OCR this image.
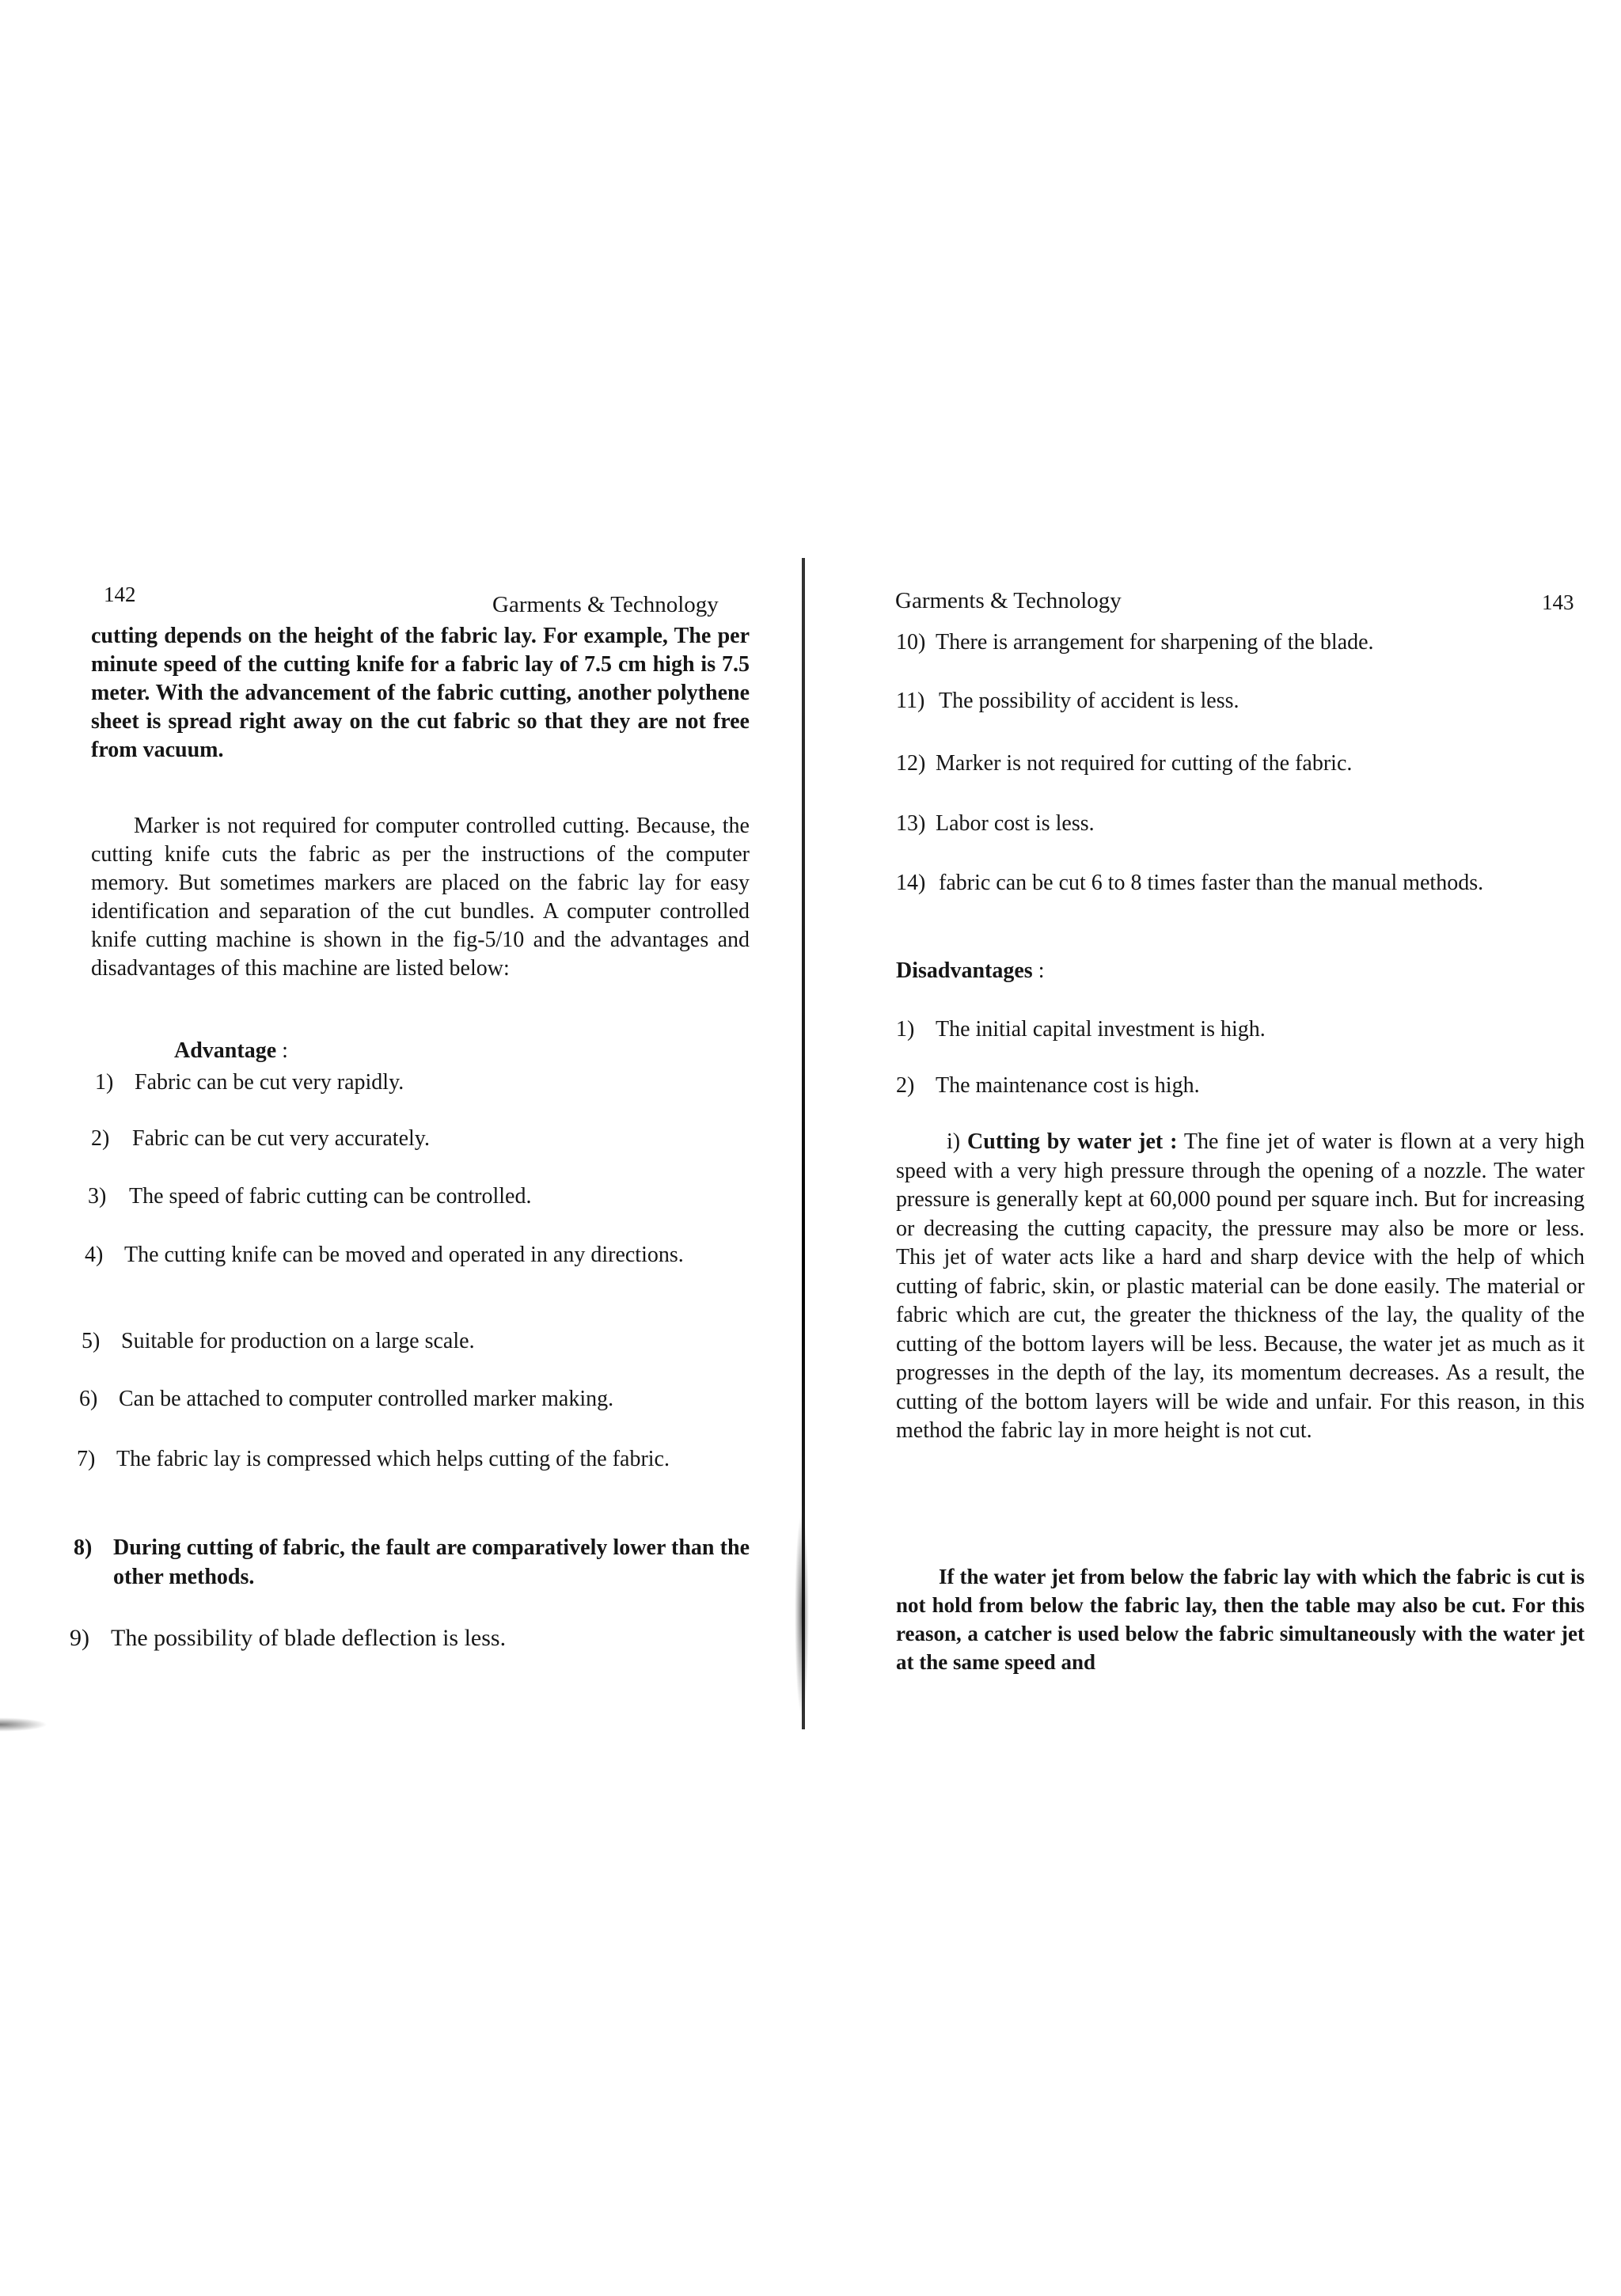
142	Garments & Technology
cutting depends on the height of the fabric lay. For example, The per minute speed of the cutting knife for a fabric lay of 7.5 cm high is 7.5 meter. With the advancement of the fabric cutting, another polythene sheet is spread right away on the cut fabric so that they are not free from vacuum.
Marker is not required for computer controlled cutting. Because, the cutting knife cuts the fabric as per the instructions of the computer memory. But sometimes markers are placed on the fabric lay for easy identification and separation of the cut bundles. A computer controlled knife cutting machine is shown in the fig-5/10 and the advantages and disadvantages of this machine are listed below:
Advantage :
1) Fabric can be cut very rapidly.
2)	Fabric can be cut very accurately.
3)	The speed of fabric cutting can be controlled.
4) The cutting knife can be moved and operated in any directions.
5) Suitable for production on a large scale.
6) Can be attached to computer controlled marker making.
7) The fabric lay is compressed which helps cutting of the fabric.
8) During cutting of fabric, the fault are comparatively lower than the other methods.
9) The possibility of blade deflection is less.
Garments & Technology	143
10) There is arrangement for sharpening of the blade.
11) The possibility of accident is less.
12) Marker is not required for cutting of the fabric.
13) Labor cost is less.
14) fabric can be cut 6 to 8 times faster than the manual methods.
Disadvantages :
1) The initial capital investment is high.
2) The maintenance cost is high.
i) Cutting by water jet : The fine jet of water is flown at a very high speed with a very high pressure through the opening of a nozzle. The water pressure is generally kept at 60,000 pound per square inch. But for increasing or decreasing the cutting capacity, the pressure may also be more or less. This jet of water acts like a hard and sharp device with the help of which cutting of fabric, skin, or plastic material can be done easily. The material or fabric which are cut, the greater the thickness of the lay, the quality of the cutting of the bottom layers will be less. Because, the water jet as much as it progresses in the depth of the lay, its momentum decreases. As a result, the cutting of the bottom layers will be wide and unfair. For this reason, in this method the fabric lay in more height is not cut.
If the water jet from below the fabric lay with which the fabric is cut is not hold from below the fabric lay, then the table may also be cut. For this reason, a catcher is used below the fabric simultaneously with the water jet at the same speed and
